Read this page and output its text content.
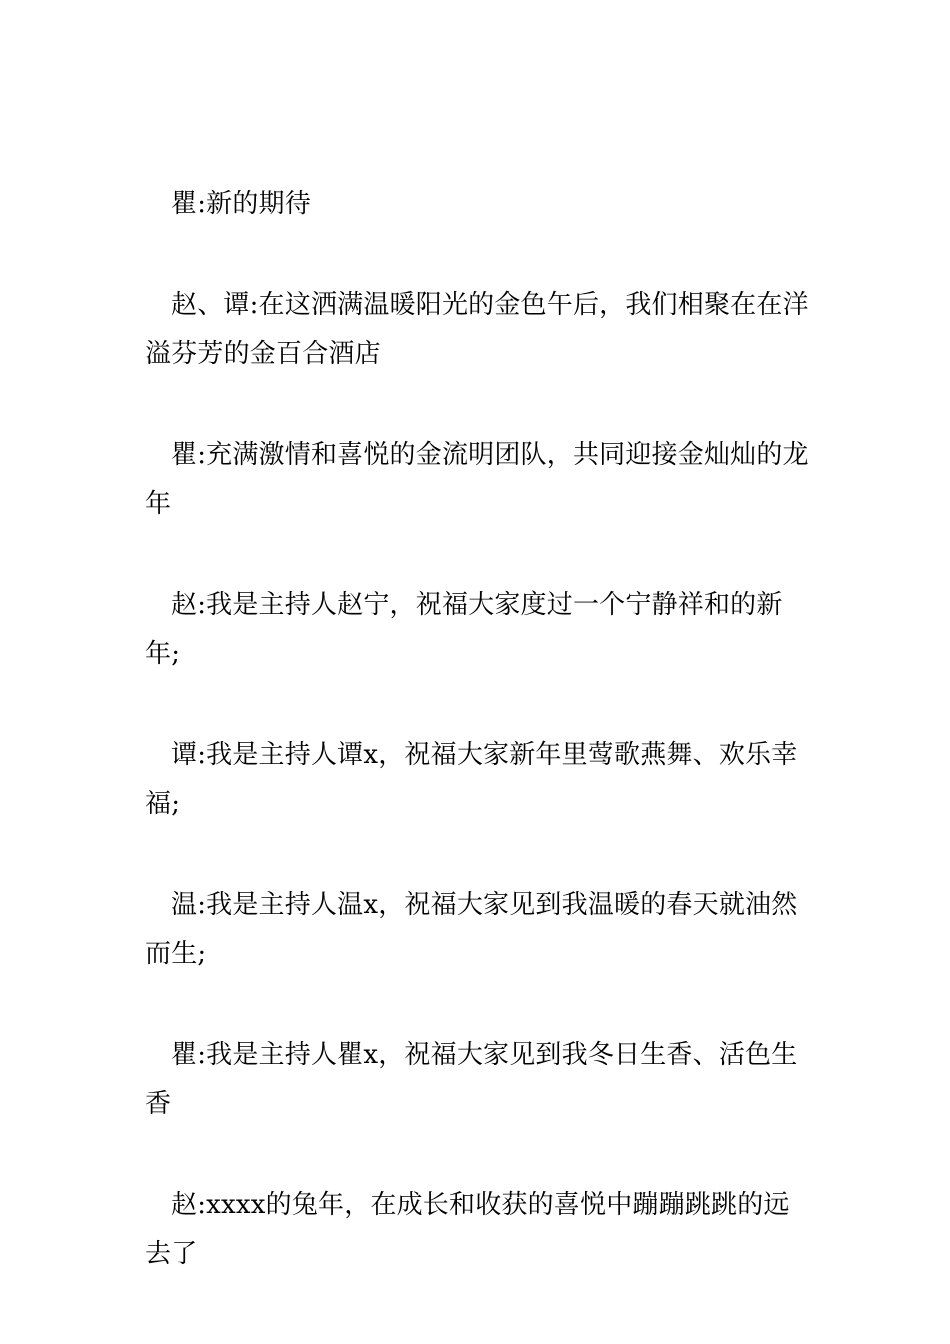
瞿:新的期待

赵、谭:在这洒满温暖阳光的金色午后，我们相聚在在洋溢芬芳的金百合酒店

瞿:充满激情和喜悦的金流明团队，共同迎接金灿灿的龙年

赵:我是主持人赵宁，祝福大家度过一个宁静祥和的新年;

谭:我是主持人谭x，祝福大家新年里莺歌燕舞、欢乐幸福;

温:我是主持人温x，祝福大家见到我温暖的春天就油然而生;

瞿:我是主持人瞿x，祝福大家见到我冬日生香、活色生香

赵:xxxx的兔年，在成长和收获的喜悦中蹦蹦跳跳的远去了
